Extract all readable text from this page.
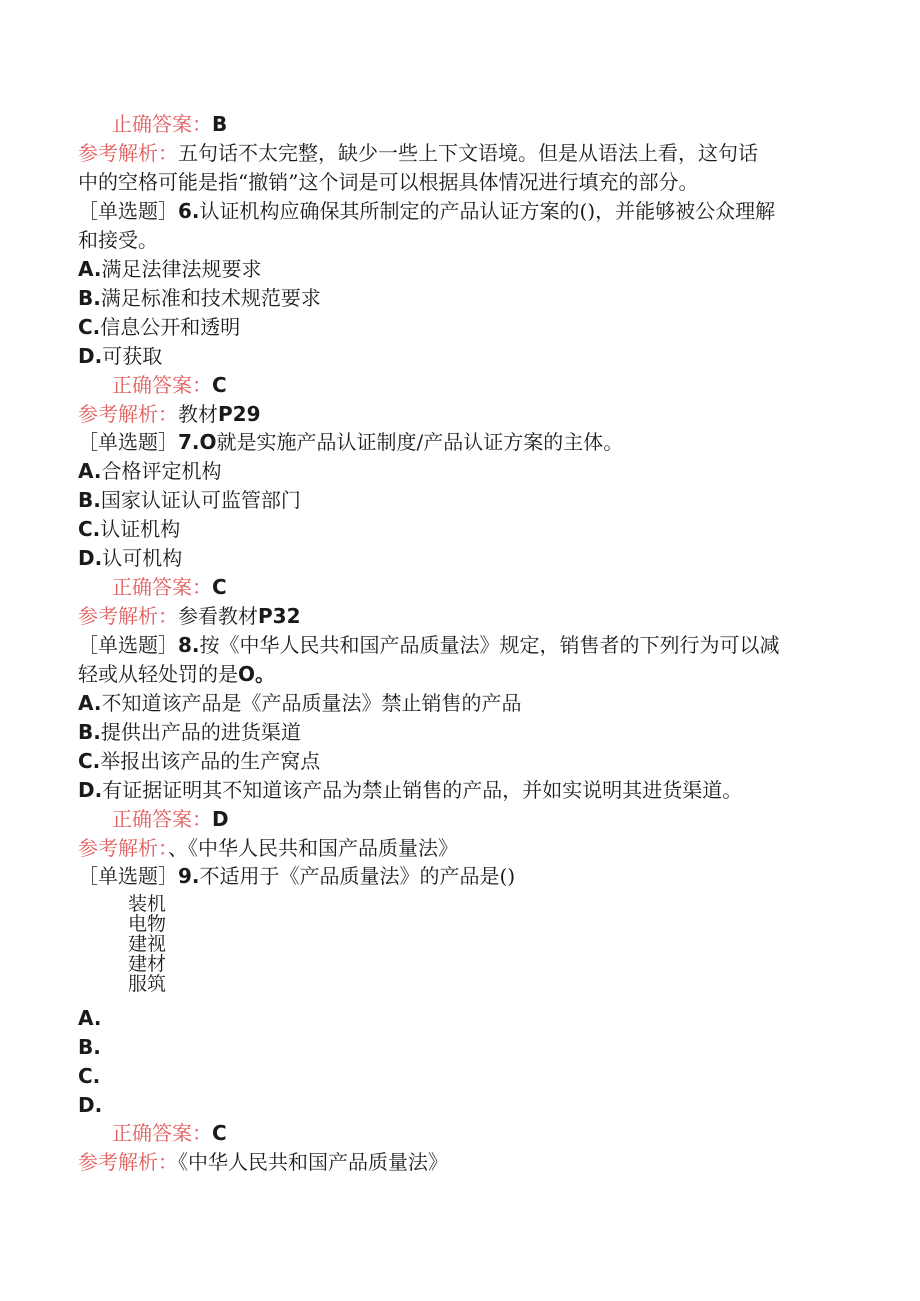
止确答案：B
参考解析：五句话不太完整，缺少一些上下文语境。但是从语法上看，这句话
中的空格可能是指“撤销”这个词是可以根据具体情况进行填充的部分。
［单选题］6.认证机构应确保其所制定的产品认证方案的()，并能够被公众理解
和接受。
A.满足法律法规要求
B.满足标准和技术规范要求
C.信息公开和透明
D.可获取
正确答案：C
参考解析：教材P29
［单选题］7.O就是实施产品认证制度/产品认证方案的主体。
A.合格评定机构
B.国家认证认可监管部门
C.认证机构
D.认可机构
正确答案：C
参考解析：参看教材P32
［单选题］8.按《中华人民共和国产品质量法》规定，销售者的下列行为可以减
轻或从轻处罚的是O。
A.不知道该产品是《产品质量法》禁止销售的产品
B.提供出产品的进货渠道
C.举报出该产品的生产窝点
D.有证据证明其不知道该产品为禁止销售的产品，并如实说明其进货渠道。
正确答案：D
参考解析：、《中华人民共和国产品质量法》
［单选题］9.不适用于《产品质量法》的产品是()
装机
电物
建视
建材
服筑
A.
B.
C.
D.
正确答案：C
参考解析：《中华人民共和国产品质量法》
